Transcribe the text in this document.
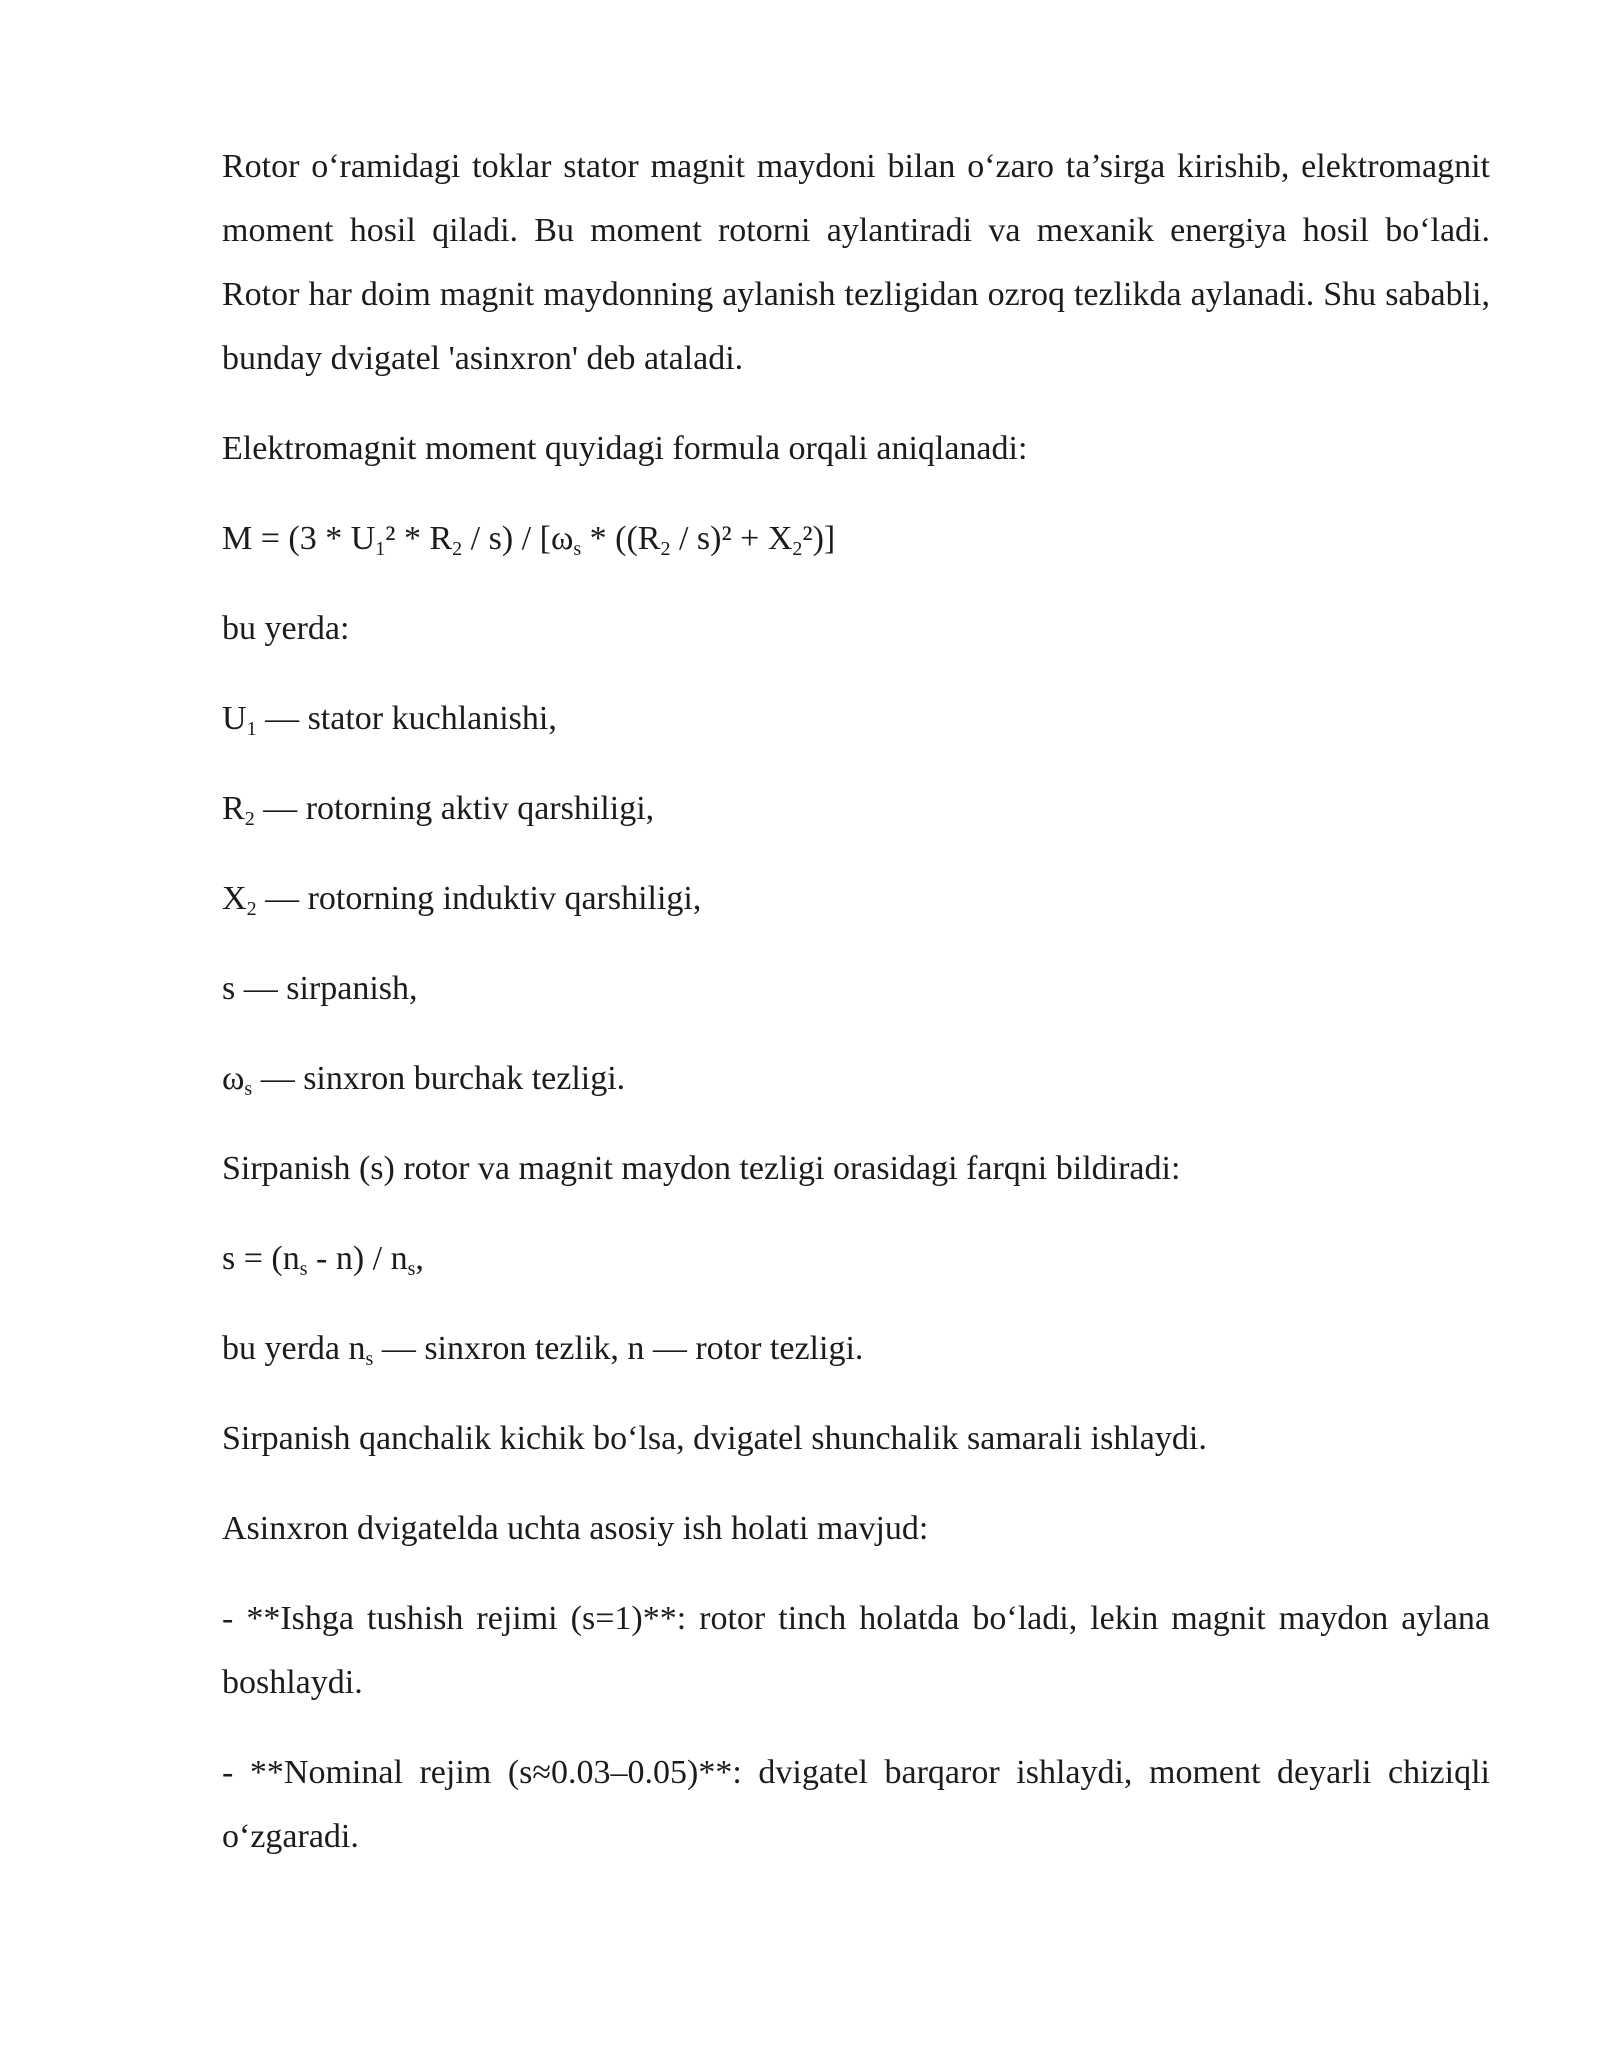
Rotor o‘ramidagi toklar stator magnit maydoni bilan o‘zaro ta’sirga kirishib, elektromagnit moment hosil qiladi. Bu moment rotorni aylantiradi va mexanik energiya hosil bo‘ladi. Rotor har doim magnit maydonning aylanish tezligidan ozroq tezlikda aylanadi. Shu sababli, bunday dvigatel 'asinxron' deb ataladi.

Elektromagnit moment quyidagi formula orqali aniqlanadi:

$M = (3 * U_1^2 * R_2 / s) / [\omega_s * ((R_2 / s)^2 + X_2^2)]$

bu yerda:

$U_1$ — stator kuchlanishi,

$R_2$ — rotorning aktiv qarshiligi,

$X_2$ — rotorning induktiv qarshiligi,

s — sirpanish,

$\omega_s$ — sinxron burchak tezligi.

Sirpanish (s) rotor va magnit maydon tezligi orasidagi farqni bildiradi:

$s = (n_s - n) / n_s$,

bu yerda $n_s$ — sinxron tezlik, n — rotor tezligi.

Sirpanish qanchalik kichik bo‘lsa, dvigatel shunchalik samarali ishlaydi.

Asinxron dvigatelda uchta asosiy ish holati mavjud:

- **Ishga tushish rejimi (s=1)**: rotor tinch holatda bo‘ladi, lekin magnit maydon aylana boshlaydi.

- **Nominal rejim (s≈0.03–0.05)**: dvigatel barqaror ishlaydi, moment deyarli chiziqli o‘zgaradi.
